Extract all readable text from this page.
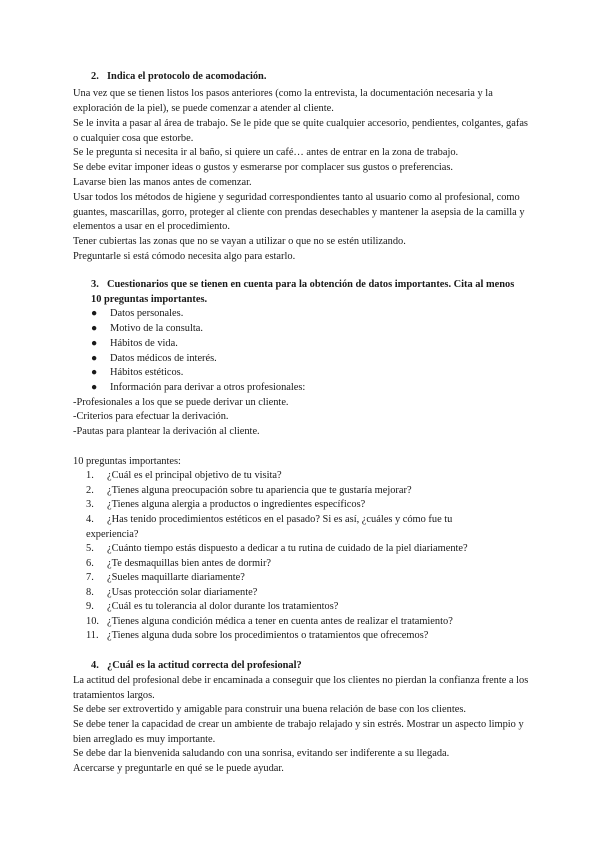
2. Indica el protocolo de acomodación.

Una vez que se tienen listos los pasos anteriores (como la entrevista, la documentación necesaria y la exploración de la piel), se puede comenzar a atender al cliente.

Se le invita a pasar al área de trabajo. Se le pide que se quite cualquier accesorio, pendientes, colgantes, gafas o cualquier cosa que estorbe.

Se le pregunta si necesita ir al baño, si quiere un café… antes de entrar en la zona de trabajo.

Se debe evitar imponer ideas o gustos y esmerarse por complacer sus gustos o preferencias.

Lavarse bien las manos antes de comenzar.

Usar todos los métodos de higiene y seguridad correspondientes tanto al usuario como al profesional, como guantes, mascarillas, gorro, proteger al cliente con prendas desechables y mantener la asepsia de la camilla y elementos a usar en el procedimiento.

Tener cubiertas las zonas que no se vayan a utilizar o que no se estén utilizando.

Preguntarle si está cómodo necesita algo para estarlo.

3. Cuestionarios que se tienen en cuenta para la obtención de datos importantes. Cita al menos 10 preguntas importantes.

● Datos personales.

● Motivo de la consulta.

● Hábitos de vida.

● Datos médicos de interés.

● Hábitos estéticos.

● Información para derivar a otros profesionales:

-Profesionales a los que se puede derivar un cliente.

-Criterios para efectuar la derivación.

-Pautas para plantear la derivación al cliente.

10 preguntas importantes:

1. ¿Cuál es el principal objetivo de tu visita?

2. ¿Tienes alguna preocupación sobre tu apariencia que te gustaría mejorar?

3. ¿Tienes alguna alergia a productos o ingredientes específicos?

4. ¿Has tenido procedimientos estéticos en el pasado? Si es así, ¿cuáles y cómo fue tu experiencia?

5. ¿Cuánto tiempo estás dispuesto a dedicar a tu rutina de cuidado de la piel diariamente?

6. ¿Te desmaquillas bien antes de dormir?

7. ¿Sueles maquillarte diariamente?

8. ¿Usas protección solar diariamente?

9. ¿Cuál es tu tolerancia al dolor durante los tratamientos?

10. ¿Tienes alguna condición médica a tener en cuenta antes de realizar el tratamiento?

11. ¿Tienes alguna duda sobre los procedimientos o tratamientos que ofrecemos?

4. ¿Cuál es la actitud correcta del profesional?

La actitud del profesional debe ir encaminada a conseguir que los clientes no pierdan la confianza frente a los tratamientos largos.

Se debe ser extrovertido y amigable para construir una buena relación de base con los clientes.

Se debe tener la capacidad de crear un ambiente de trabajo relajado y sin estrés. Mostrar un aspecto limpio y bien arreglado es muy importante.

Se debe dar la bienvenida saludando con una sonrisa, evitando ser indiferente a su llegada.

Acercarse y preguntarle en qué se le puede ayudar.
